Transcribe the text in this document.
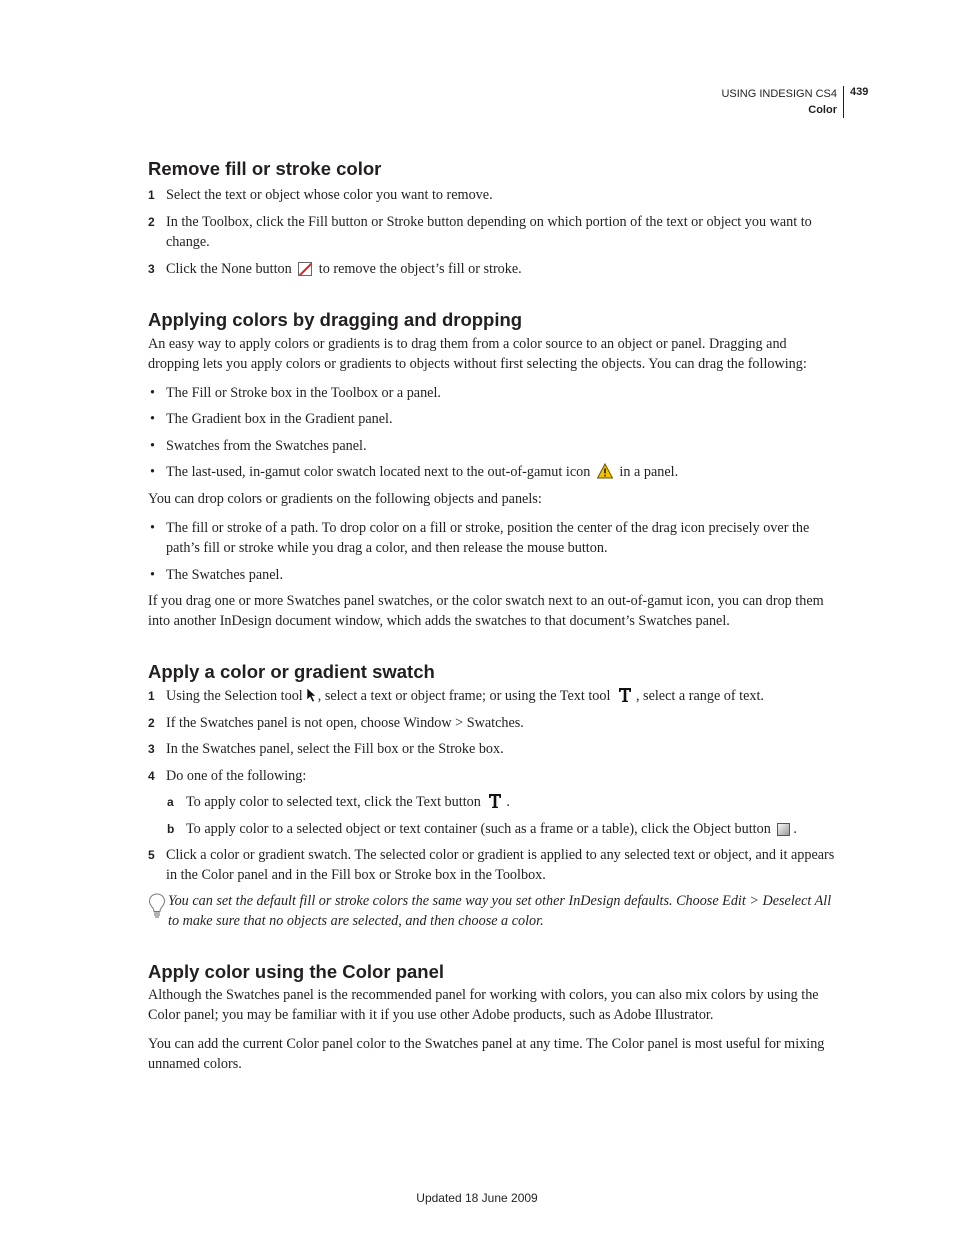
USING INDESIGN CS4
Color
439
Remove fill or stroke color
1 Select the text or object whose color you want to remove.
2 In the Toolbox, click the Fill button or Stroke button depending on which portion of the text or object you want to change.
3 Click the None button to remove the object’s fill or stroke.
Applying colors by dragging and dropping

An easy way to apply colors or gradients is to drag them from a color source to an object or panel. Dragging and dropping lets you apply colors or gradients to objects without first selecting the objects. You can drag the following:

• The Fill or Stroke box in the Toolbox or a panel.
• The Gradient box in the Gradient panel.
• Swatches from the Swatches panel.
• The last-used, in-gamut color swatch located next to the out-of-gamut icon in a panel.

You can drop colors or gradients on the following objects and panels:

• The fill or stroke of a path. To drop color on a fill or stroke, position the center of the drag icon precisely over the path’s fill or stroke while you drag a color, and then release the mouse button.
• The Swatches panel.

If you drag one or more Swatches panel swatches, or the color swatch next to an out-of-gamut icon, you can drop them into another InDesign document window, which adds the swatches to that document’s Swatches panel.

Apply a color or gradient swatch
1 Using the Selection tool , select a text or object frame; or using the Text tool , select a range of text.
2 If the Swatches panel is not open, choose Window > Swatches.
3 In the Swatches panel, select the Fill box or the Stroke box.
4 Do one of the following:
a To apply color to selected text, click the Text button .
b To apply color to a selected object or text container (such as a frame or a table), click the Object button .
5 Click a color or gradient swatch. The selected color or gradient is applied to any selected text or object, and it appears in the Color panel and in the Fill box or Stroke box in the Toolbox.
You can set the default fill or stroke colors the same way you set other InDesign defaults. Choose Edit > Deselect All to make sure that no objects are selected, and then choose a color.
Apply color using the Color panel

Although the Swatches panel is the recommended panel for working with colors, you can also mix colors by using the Color panel; you may be familiar with it if you use other Adobe products, such as Adobe Illustrator.

You can add the current Color panel color to the Swatches panel at any time. The Color panel is most useful for mixing unnamed colors.

Updated 18 June 2009
